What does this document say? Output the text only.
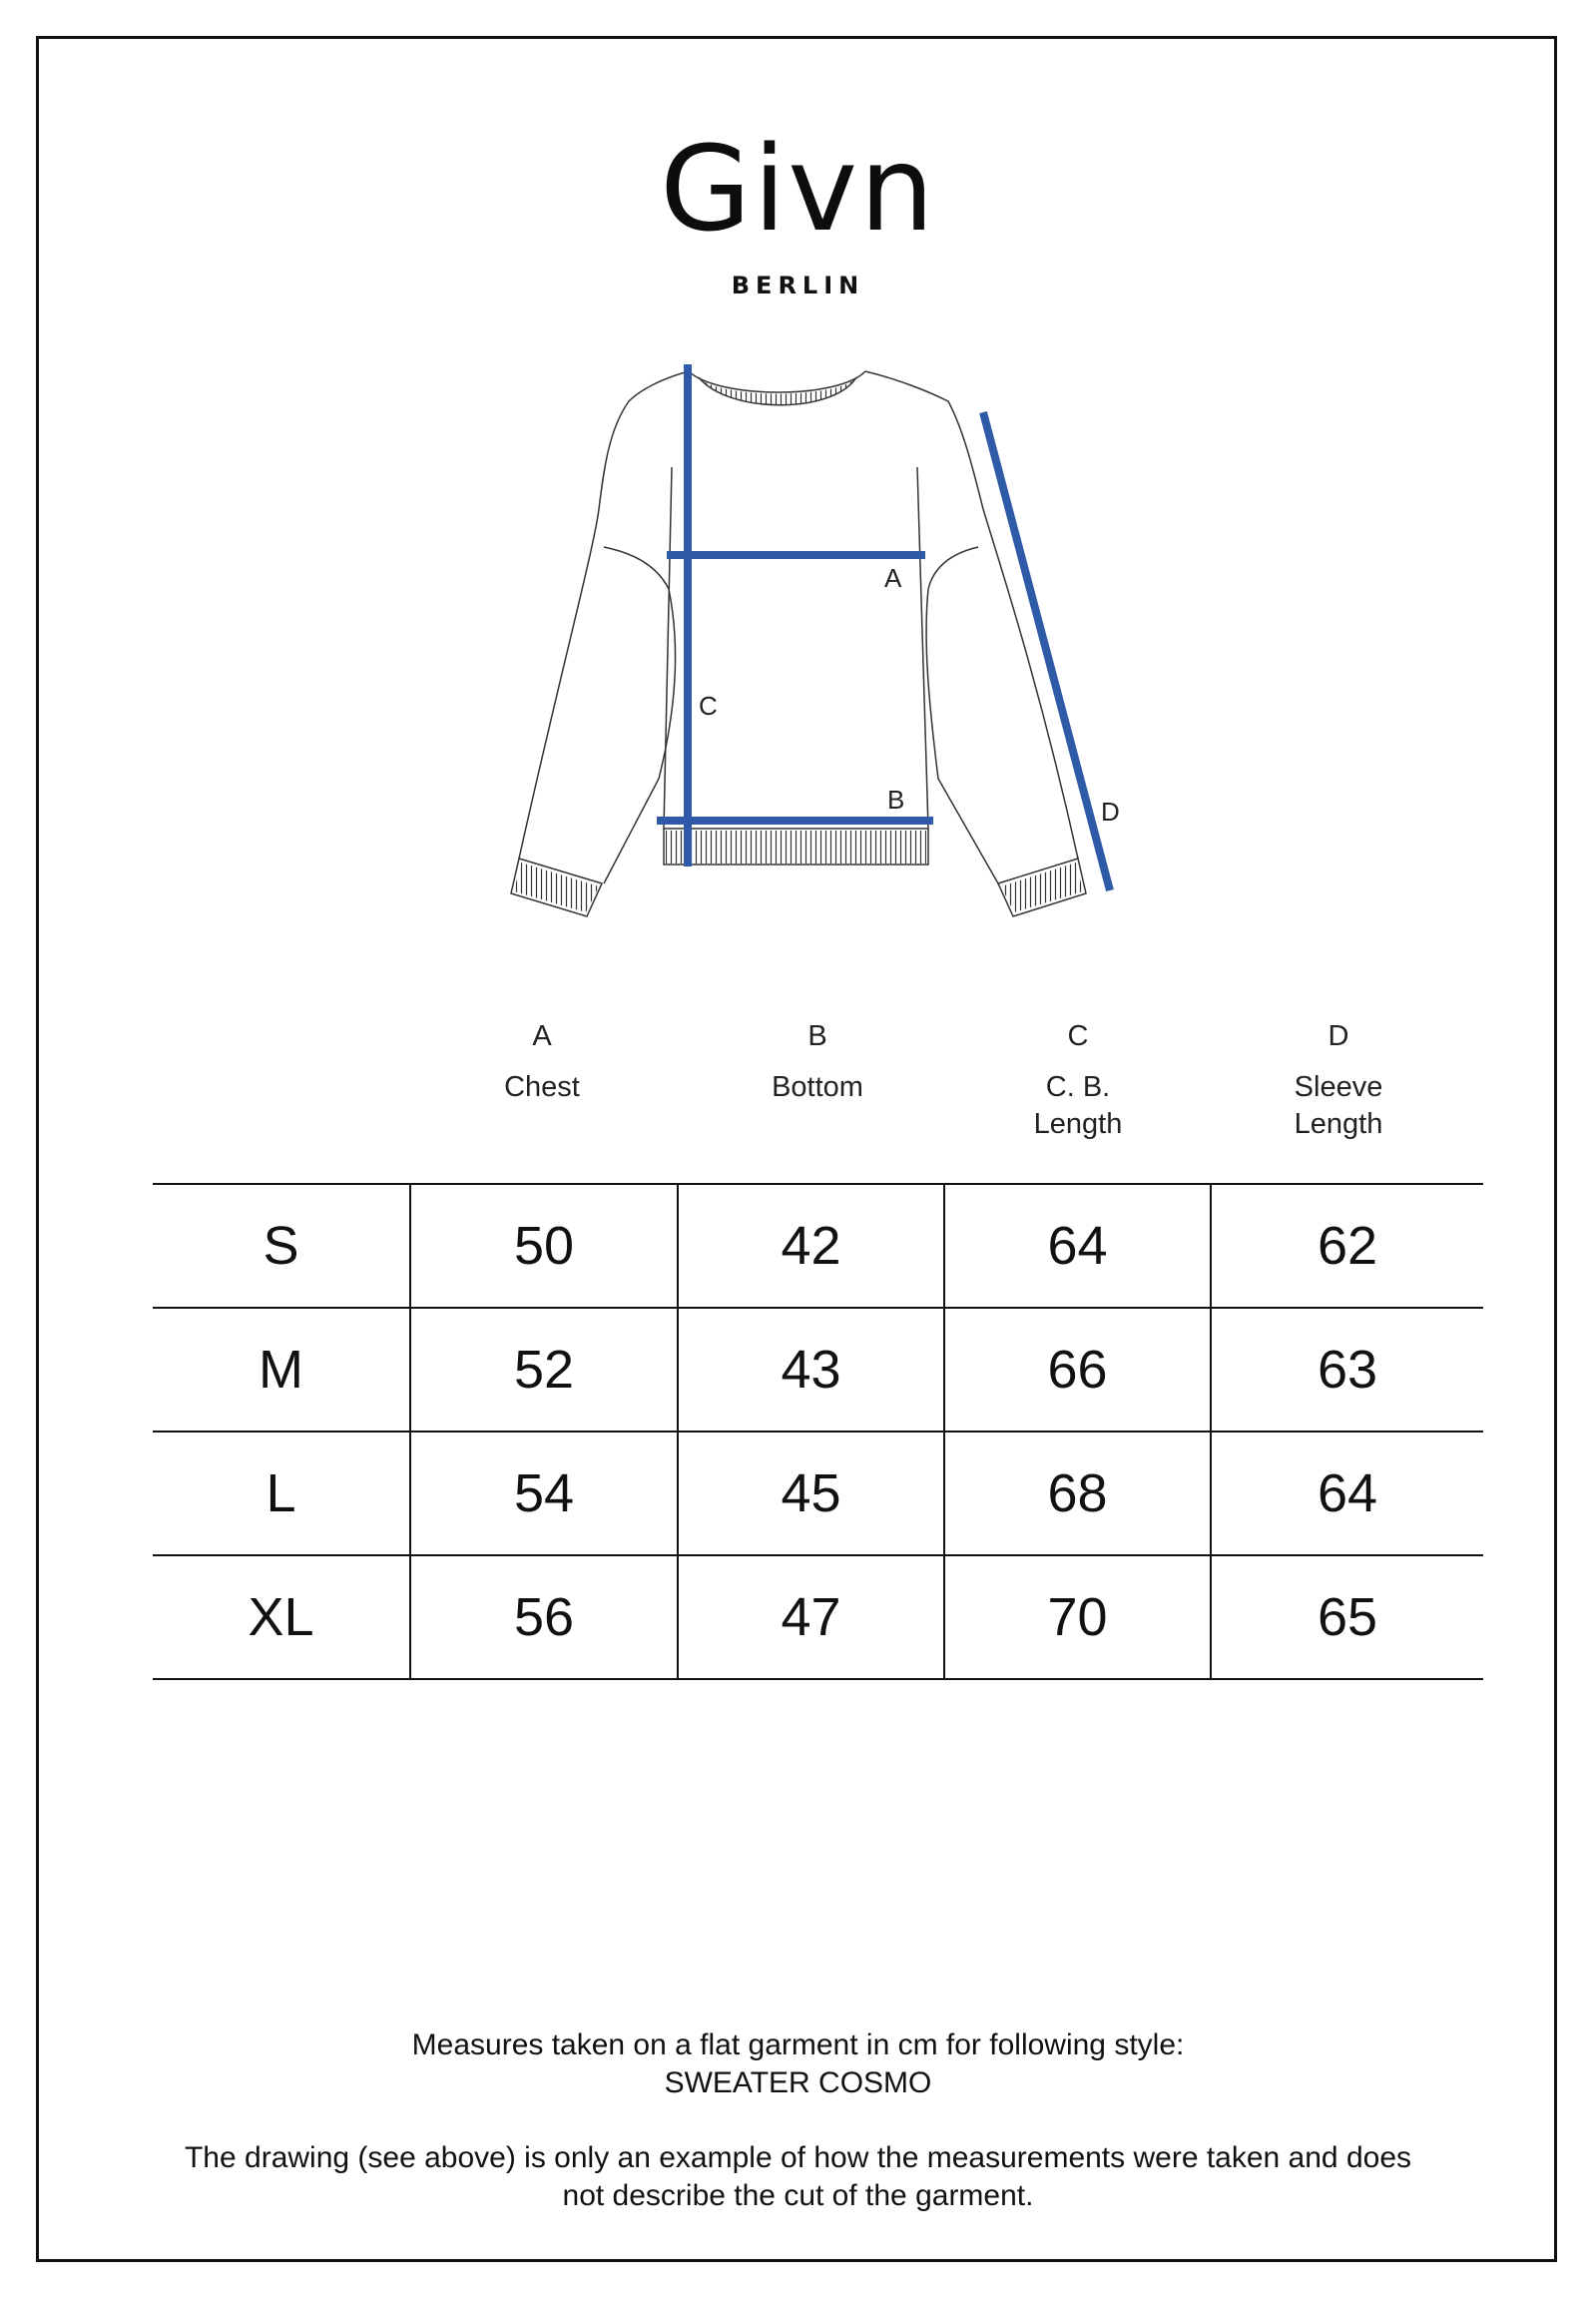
Givn
BERLIN
A
B
C
D
A
Chest
B
Bottom
C
C. B.
Length
D
Sleeve
Length
S	50	42	64	62
M	52	43	66	63
L	54	45	68	64
XL	56	47	70	65
Measures taken on a flat garment in cm for following style:
SWEATER COSMO
The drawing (see above) is only an example of how the measurements were taken and does
not describe the cut of the garment.
